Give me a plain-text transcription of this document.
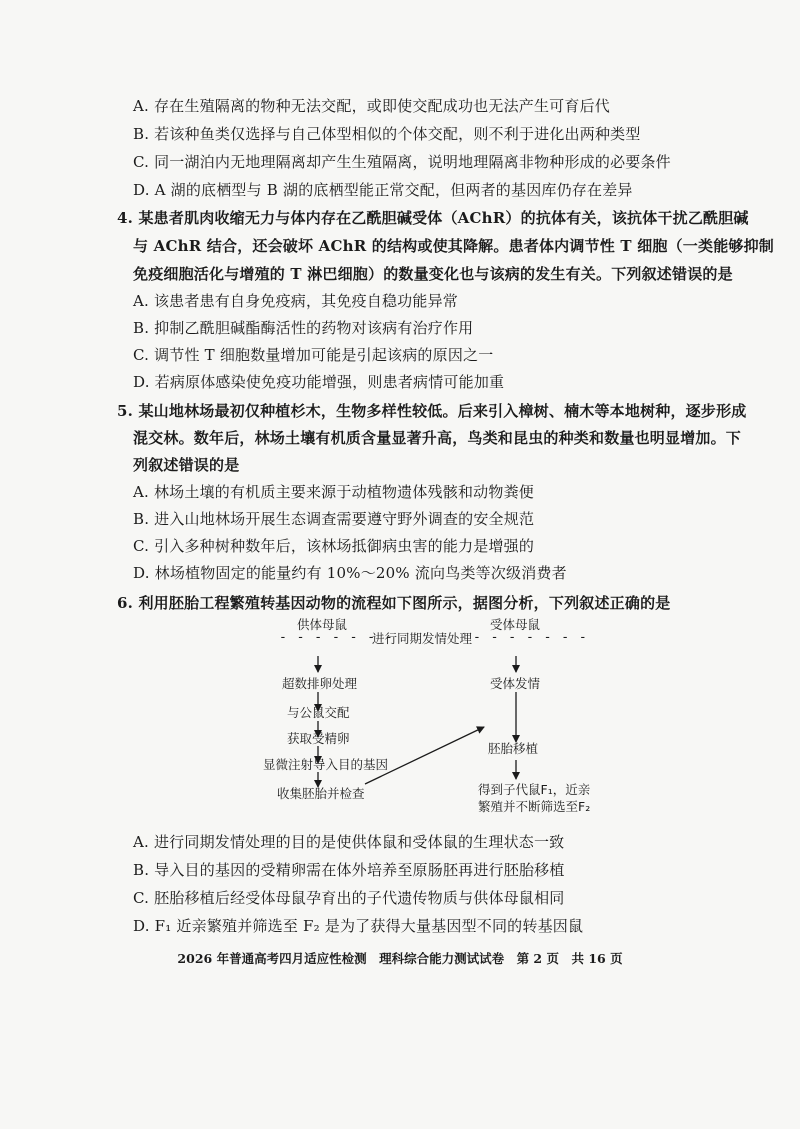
A. 存在生殖隔离的物种无法交配，或即使交配成功也无法产生可育后代
B. 若该种鱼类仅选择与自己体型相似的个体交配，则不利于进化出两种类型
C. 同一湖泊内无地理隔离却产生生殖隔离，说明地理隔离非物种形成的必要条件
D. A 湖的底栖型与 B 湖的底栖型能正常交配，但两者的基因库仍存在差异
4. 某患者肌肉收缩无力与体内存在乙酰胆碱受体（AChR）的抗体有关，该抗体干扰乙酰胆碱
与 AChR 结合，还会破坏 AChR 的结构或使其降解。患者体内调节性 T 细胞（一类能够抑制
免疫细胞活化与增殖的 T 淋巴细胞）的数量变化也与该病的发生有关。下列叙述错误的是
A. 该患者患有自身免疫病，其免疫自稳功能异常
B. 抑制乙酰胆碱酯酶活性的药物对该病有治疗作用
C. 调节性 T 细胞数量增加可能是引起该病的原因之一
D. 若病原体感染使免疫功能增强，则患者病情可能加重
5. 某山地林场最初仅种植杉木，生物多样性较低。后来引入樟树、楠木等本地树种，逐步形成
混交林。数年后，林场土壤有机质含量显著升高，鸟类和昆虫的种类和数量也明显增加。下
列叙述错误的是
A. 林场土壤的有机质主要来源于动植物遗体残骸和动物粪便
B. 进入山地林场开展生态调查需要遵守野外调查的安全规范
C. 引入多种树种数年后，该林场抵御病虫害的能力是增强的
D. 林场植物固定的能量约有 10%～20% 流向鸟类等次级消费者
6. 利用胚胎工程繁殖转基因动物的流程如下图所示，据图分析，下列叙述正确的是
供体母鼠	受体母鼠
- - - - - - -	- - - - - - -
进行同期发情处理
超数排卵处理	受体发情
与公鼠交配
获取受精卵
胚胎移植
显微注射导入目的基因
得到子代鼠F₁，近亲
收集胚胎并检查
繁殖并不断筛选至F₂
A. 进行同期发情处理的目的是使供体鼠和受体鼠的生理状态一致
B. 导入目的基因的受精卵需在体外培养至原肠胚再进行胚胎移植
C. 胚胎移植后经受体母鼠孕育出的子代遗传物质与供体母鼠相同
D. F₁ 近亲繁殖并筛选至 F₂ 是为了获得大量基因型不同的转基因鼠
2026 年普通高考四月适应性检测　理科综合能力测试试卷　第 2 页　共 16 页
